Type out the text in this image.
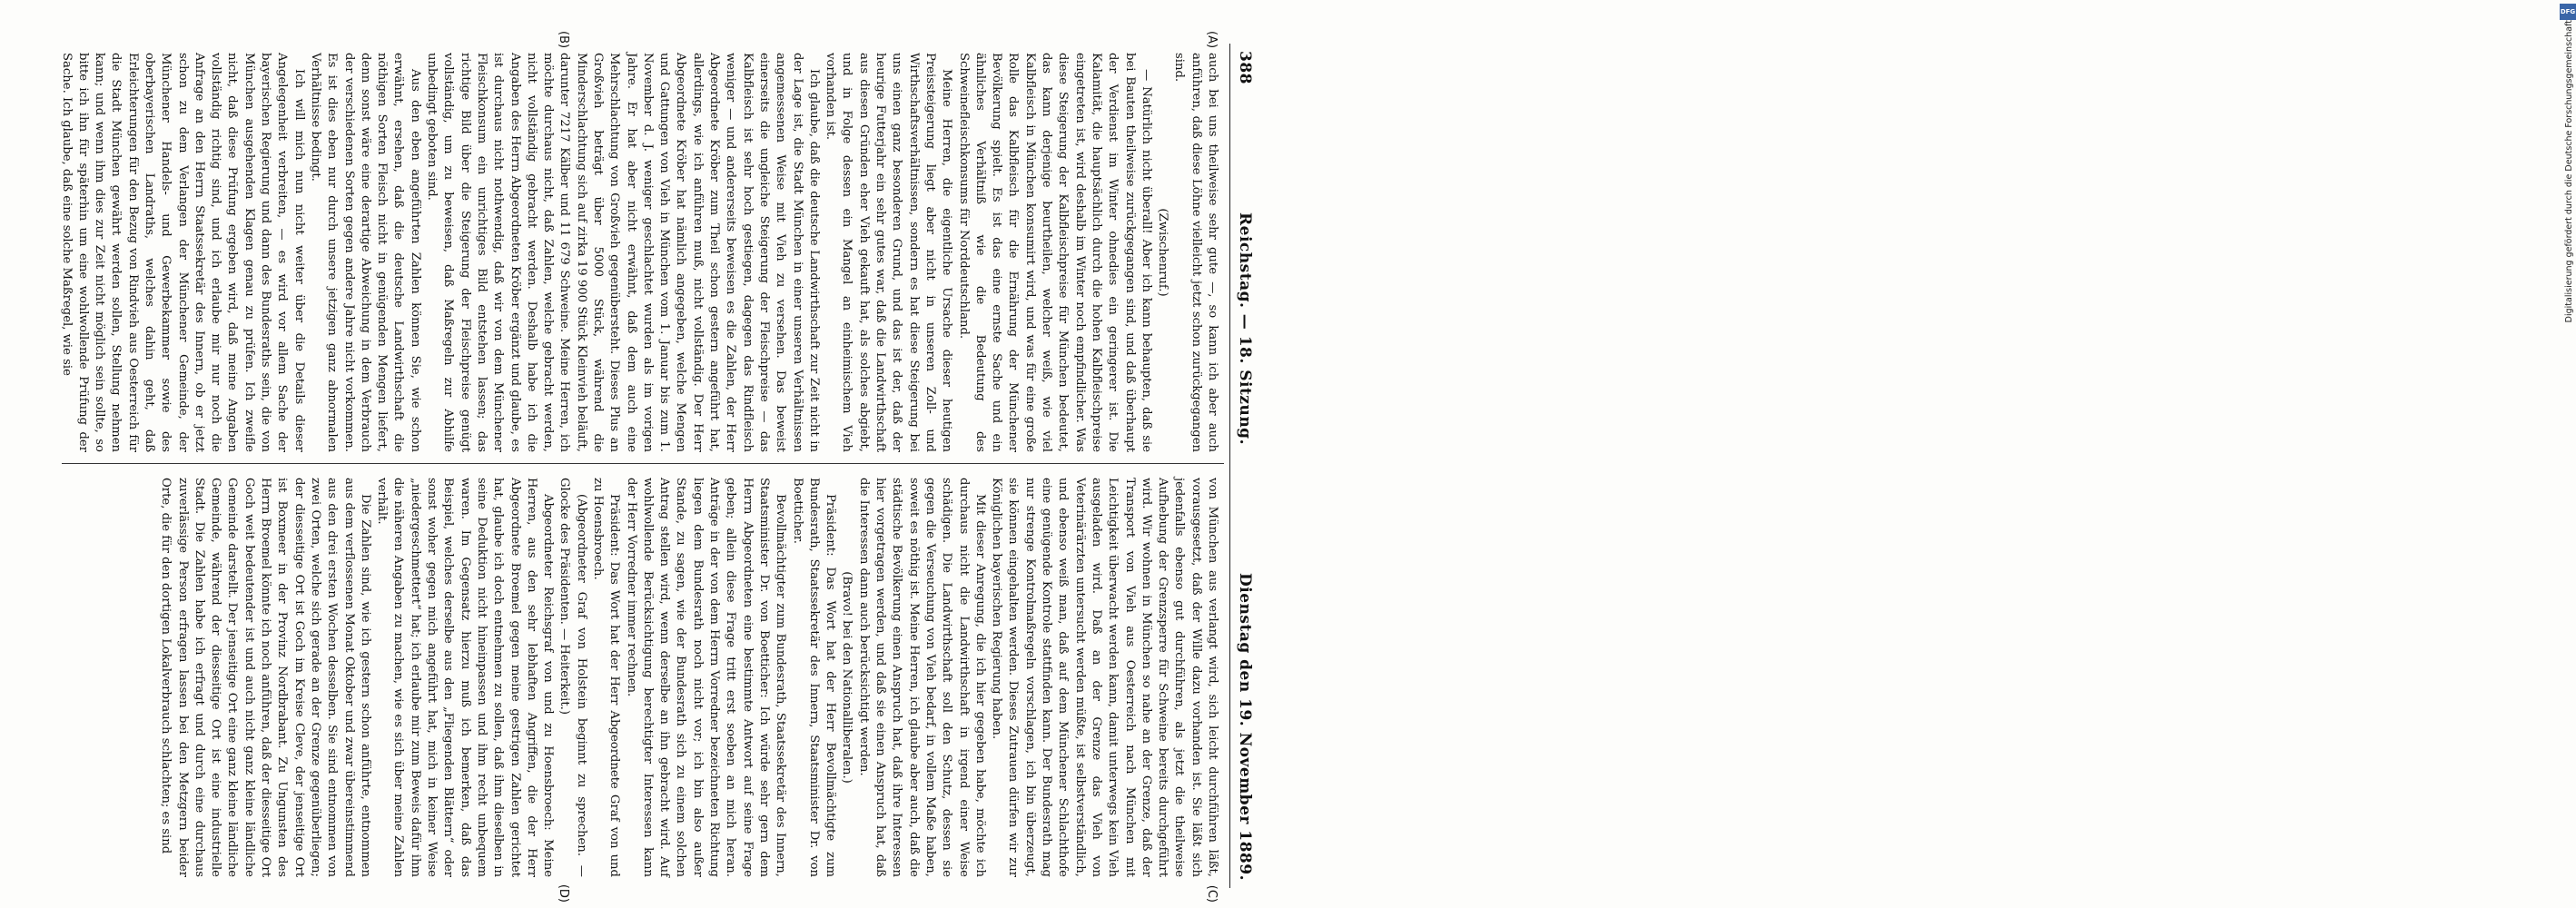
388
Reichstag. — 18. Sitzung.
Dienstag den 19. November 1889.

auch bei uns theilweise sehr gute —, so kann ich aber auch anführen, daß diese Löhne vielleicht jetzt schon zurückgegangen sind.

(Zwischenruf.)

— Natürlich nicht überall! Aber ich kann behaupten, daß sie bei Bauten theilweise zurückgegangen sind, und daß überhaupt der Verdienst im Winter ohnedies ein geringerer ist. Die Kalamität, die hauptsächlich durch die hohen Kalbfleischpreise eingetreten ist, wird deshalb im Winter noch empfindlicher. Was diese Steigerung der Kalbfleischpreise für München bedeutet, das kann derjenige beurtheilen, welcher weiß, wie viel Kalbfleisch in München konsumirt wird, und was für eine große Rolle das Kalbfleisch für die Ernährung der Münchener Bevölkerung spielt. Es ist das eine ernste Sache und ein ähnliches Verhältniß wie die Bedeutung des Schweinefleischkonsums für Norddeutschland.

Meine Herren, die eigentliche Ursache dieser heutigen Preissteigerung liegt aber nicht in unseren Zoll- und Wirthschaftsverhältnissen, sondern es hat diese Steigerung bei uns einen ganz besonderen Grund, und das ist der, daß der heurige Futterjahr ein sehr gutes war, daß die Landwirthschaft aus diesen Gründen eher Vieh gekauft hat, als solches abgiebt, und in Folge dessen ein Mangel an einheimischem Vieh vorhanden ist.

Ich glaube, daß die deutsche Landwirthschaft zur Zeit nicht in der Lage ist, die Stadt München in einer unseren Verhältnissen angemessenen Weise mit Vieh zu versehen. Das beweist einerseits die ungleiche Steigerung der Fleischpreise — das Kalbfleisch ist sehr hoch gestiegen, dagegen das Rindfleisch weniger — und andererseits beweisen es die Zahlen, der Herr Abgeordnete Kröber zum Theil schon gestern angeführt hat, allerdings, wie ich anführen muß, nicht vollständig. Der Herr Abgeordnete Kröber hat nämlich angegeben, welche Mengen und Gattungen von Vieh in München vom 1. Januar bis zum 1. November d. J. weniger geschlachtet wurden als im vorigen Jahre. Er hat aber nicht erwähnt, daß dem auch eine Mehrschlachtung von Großvieh gegenübersteht. Dieses Plus an Großvieh beträgt über 5000 Stück, während die Minderschlachtung sich auf zirka 19 900 Stück Kleinvieh beläuft, darunter 7217 Kälber und 11 679 Schweine. Meine Herren, ich möchte durchaus nicht, daß Zahlen, welche gebracht werden, nicht vollständig gebracht werden. Deshalb habe ich die Angaben des Herrn Abgeordneten Kröber ergänzt und glaube, es ist durchaus nicht nothwendig, daß wir von dem Münchener Fleischkonsum ein unrichtiges Bild entstehen lassen; das richtige Bild über die Steigerung der Fleischpreise genügt vollständig, um zu beweisen, daß Maßregeln zur Abhilfe unbedingt geboten sind.

Aus den eben angeführten Zahlen können Sie, wie schon erwähnt, ersehen, daß die deutsche Landwirthschaft die nöthigen Sorten Fleisch nicht in genügenden Mengen liefert, denn sonst wäre eine derartige Abweichung in dem Verbrauch der verschiedenen Sorten gegen andere Jahre nicht vorkommen. Es ist dies eben nur durch unsere jetzigen ganz abnormalen Verhältnisse bedingt.

Ich will mich nun nicht weiter über die Details dieser Angelegenheit verbreiten, — es wird vor allem Sache der bayerischen Regierung und dann des Bundesraths sein, die von München ausgehenden Klagen genau zu prüfen. Ich zweifle nicht, daß diese Prüfung ergeben wird, daß meine Angaben vollständig richtig sind, und ich erlaube mir nur noch die Anfrage an den Herrn Staatssekretär des Innern, ob er jetzt schon zu dem Verlangen der Münchener Gemeinde, der Münchener Handels- und Gewerbekammer sowie des oberbayerischen Landraths, welches dahin geht, daß Erleichterungen für den Bezug von Rindvieh aus Oesterreich für die Stadt München gewährt werden sollen, Stellung nehmen kann; und wenn ihm dies zur Zeit nicht möglich sein sollte, so bitte ich ihn für späterhin um eine wohlwollende Prüfung der Sache. Ich glaube, daß eine solche Maßregel, wie sie

von München aus verlangt wird, sich leicht durchführen läßt, vorausgesetzt, daß der Wille dazu vorhanden ist. Sie läßt sich jedenfalls ebenso gut durchführen, als jetzt die theilweise Aufhebung der Grenzsperre für Schweine bereits durchgeführt wird. Wir wohnen in München so nahe an der Grenze, daß der Transport von Vieh aus Oesterreich nach München mit Leichtigkeit überwacht werden kann, damit unterwegs kein Vieh ausgeladen wird. Daß an der Grenze das Vieh von Veterinärärzten untersucht werden müßte, ist selbstverständlich, und ebenso weiß man, daß auf dem Münchener Schlachthofe eine genügende Kontrole stattfinden kann. Der Bundesrath mag nur strenge Kontrolmaßregeln vorschlagen, ich bin überzeugt, sie können eingehalten werden. Dieses Zutrauen dürfen wir zur Königlichen bayerischen Regierung haben.

Mit dieser Anregung, die ich hier gegeben habe, möchte ich durchaus nicht die Landwirthschaft in irgend einer Weise schädigen. Die Landwirthschaft soll den Schutz, dessen sie gegen die Verseuchung von Vieh bedarf, in vollem Maße haben, soweit es nöthig ist. Meine Herren, ich glaube aber auch, daß die städtische Bevölkerung einen Anspruch hat, daß ihre Interessen hier vorgetragen werden, und daß sie einen Anspruch hat, daß die Interessen dann auch berücksichtigt werden.

(Bravo! bei den Nationalliberalen.)

Präsident: Das Wort hat der Herr Bevollmächtigte zum Bundesrath, Staatssekretär des Innern, Staatsminister Dr. von Boetticher.

Bevollmächtigter zum Bundesrath, Staatssekretär des Innern, Staatsminister Dr. von Boetticher: Ich würde sehr gern dem Herrn Abgeordneten eine bestimmte Antwort auf seine Frage geben; allein diese Frage tritt erst soeben an mich heran. Anträge in der von dem Herrn Vorredner bezeichneten Richtung liegen dem Bundesrath noch nicht vor; ich bin also außer Stande, zu sagen, wie der Bundesrath sich zu einem solchen Antrag stellen wird, wenn derselbe an ihn gebracht wird. Auf wohlwollende Berücksichtigung berechtigter Interessen kann der Herr Vorredner immer rechnen.

Präsident: Das Wort hat der Herr Abgeordnete Graf von und zu Hoensbroech.

(Abgeordneter Graf von Holstein beginnt zu sprechen. — Glocke des Präsidenten. — Heiterkeit.)

Abgeordneter Reichsgraf von und zu Hoensbroech: Meine Herren, aus den sehr lebhaften Angriffen, die der Herr Abgeordnete Broemel gegen meine gestrigen Zahlen gerichtet hat, glaube ich doch entnehmen zu sollen, daß ihm dieselben in seine Deduktion nicht hineinpassen und ihm recht unbequem waren. Im Gegensatz hierzu muß ich bemerken, daß das Beispiel, welches derselbe aus den „Fliegenden Blättern“ oder sonst woher gegen mich angeführt hat, mich in keiner Weise „niedergeschmettert“ hat; ich erlaube mir zum Beweis dafür ihm die näheren Angaben zu machen, wie es sich über meine Zahlen verhält.

Die Zahlen sind, wie ich gestern schon anführte, entnommen aus dem verflossenen Monat Oktober und zwar übereinstimmend aus den drei ersten Wochen desselben. Sie sind entnommen von zwei Orten, welche sich gerade an der Grenze gegenüberliegen; der diesseitige Ort ist Goch im Kreise Cleve, der jenseitige Ort ist Boxmeer in der Provinz Nordbrabant. Zu Ungunsten des Herrn Broemel könnte ich noch anführen, daß der diesseitige Ort Goch weit bedeutender ist und auch nicht ganz kleine ländliche Gemeinde darstellt. Der jenseitige Ort eine ganz kleine ländliche Gemeinde, während der diesseitige Ort ist eine industrielle Stadt. Die Zahlen habe ich erfragt und durch eine durchaus zuverlässige Person erfragen lassen bei den Metzgern beider Orte, die für den dortigen Lokalverbrauch schlachten; es sind

(A)
(B)
(C)
(D)
DFG
Digitalisierung gefördert durch die Deutsche Forschungsgemeinschaft
